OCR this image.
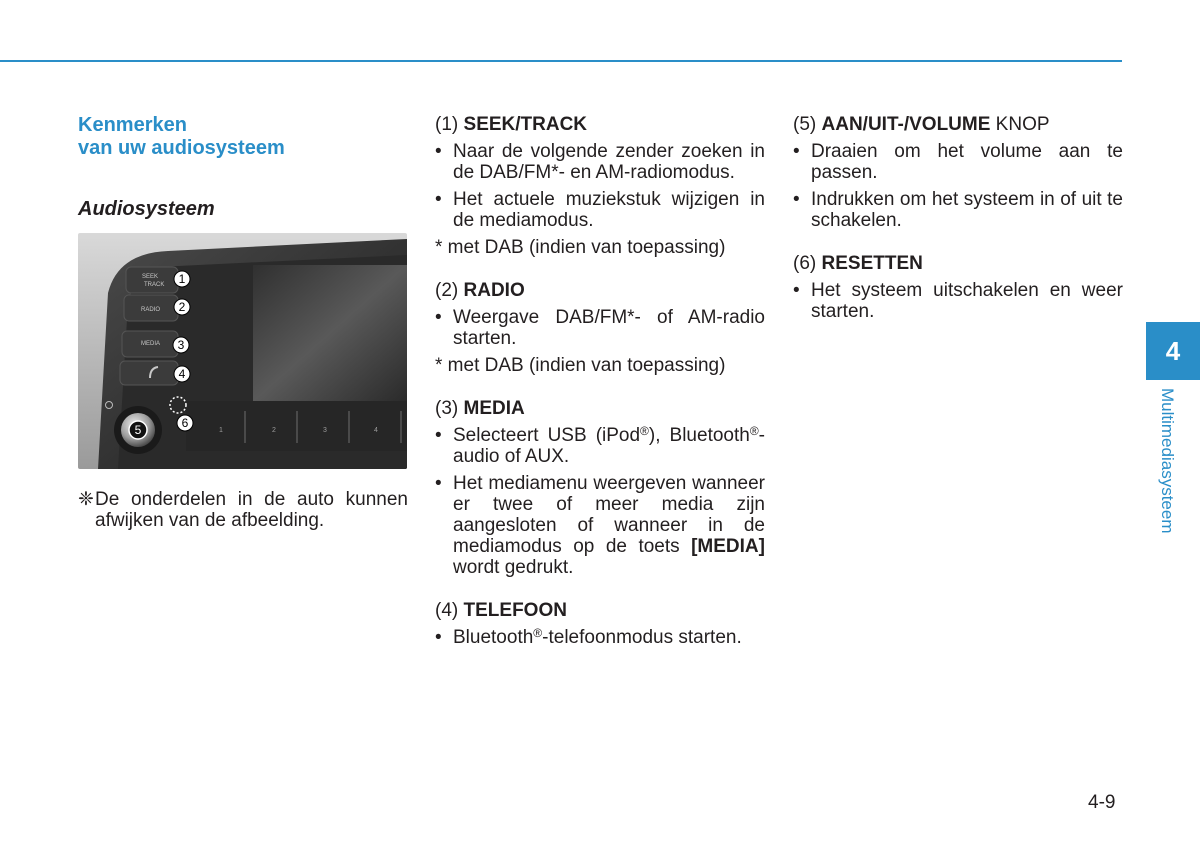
Kenmerken
van uw audiosysteem
Audiosysteem
SEEK
TRACK
RADIO
MEDIA
1	2	3	4
1
2
3
4
5	6
❈ De onderdelen in de auto kunnen afwijken van de afbeelding.

(1) SEEK/TRACK

• Naar de volgende zender zoeken in de DAB/FM*- en AM-radiomodus.
• Het actuele muziekstuk wijzigen in de mediamodus.
* met DAB (indien van toepassing)

(2) RADIO

• Weergave DAB/FM*- of AM-radio starten.
* met DAB (indien van toepassing)

(3) MEDIA

• Selecteert USB (iPod®), Bluetooth®-audio of AUX.
• Het mediamenu weergeven wanneer er twee of meer media zijn aangesloten of wanneer in de mediamodus op de toets [MEDIA] wordt gedrukt.

(4) TELEFOON

• Bluetooth®-telefoonmodus starten.

(5) AAN/UIT-/VOLUME KNOP

• Draaien om het volume aan te passen.
• Indrukken om het systeem in of uit te schakelen.

(6) RESETTEN

• Het systeem uitschakelen en weer starten.
4
Multimediasysteem
4-9
